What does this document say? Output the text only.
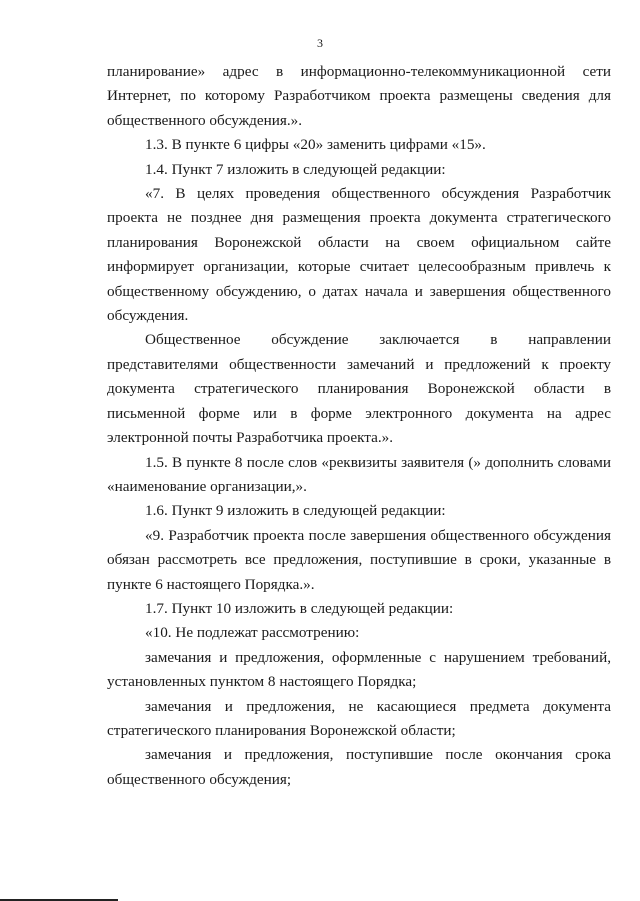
3

планирование» адрес в информационно-телекоммуникационной сети Интернет, по которому Разработчиком проекта размещены сведения для общественного обсуждения.».

1.3. В пункте 6 цифры «20» заменить цифрами «15».

1.4. Пункт 7 изложить в следующей редакции:

«7. В целях проведения общественного обсуждения Разработчик проекта не позднее дня размещения проекта документа стратегического планирования Воронежской области на своем официальном сайте информирует организации, которые считает целесообразным привлечь к общественному обсуждению, о датах начала и завершения общественного обсуждения.

Общественное обсуждение заключается в направлении представителями общественности замечаний и предложений к проекту документа стратегического планирования Воронежской области в письменной форме или в форме электронного документа на адрес электронной почты Разработчика проекта.».

1.5. В пункте 8 после слов «реквизиты заявителя (» дополнить словами «наименование организации,».

1.6. Пункт 9 изложить в следующей редакции:

«9. Разработчик проекта после завершения общественного обсуждения обязан рассмотреть все предложения, поступившие в сроки, указанные в пункте 6 настоящего Порядка.».

1.7. Пункт 10 изложить в следующей редакции:

«10. Не подлежат рассмотрению:

замечания и предложения, оформленные с нарушением требований, установленных пунктом 8 настоящего Порядка;

замечания и предложения, не касающиеся предмета документа стратегического планирования Воронежской области;

замечания и предложения, поступившие после окончания срока общественного обсуждения;
